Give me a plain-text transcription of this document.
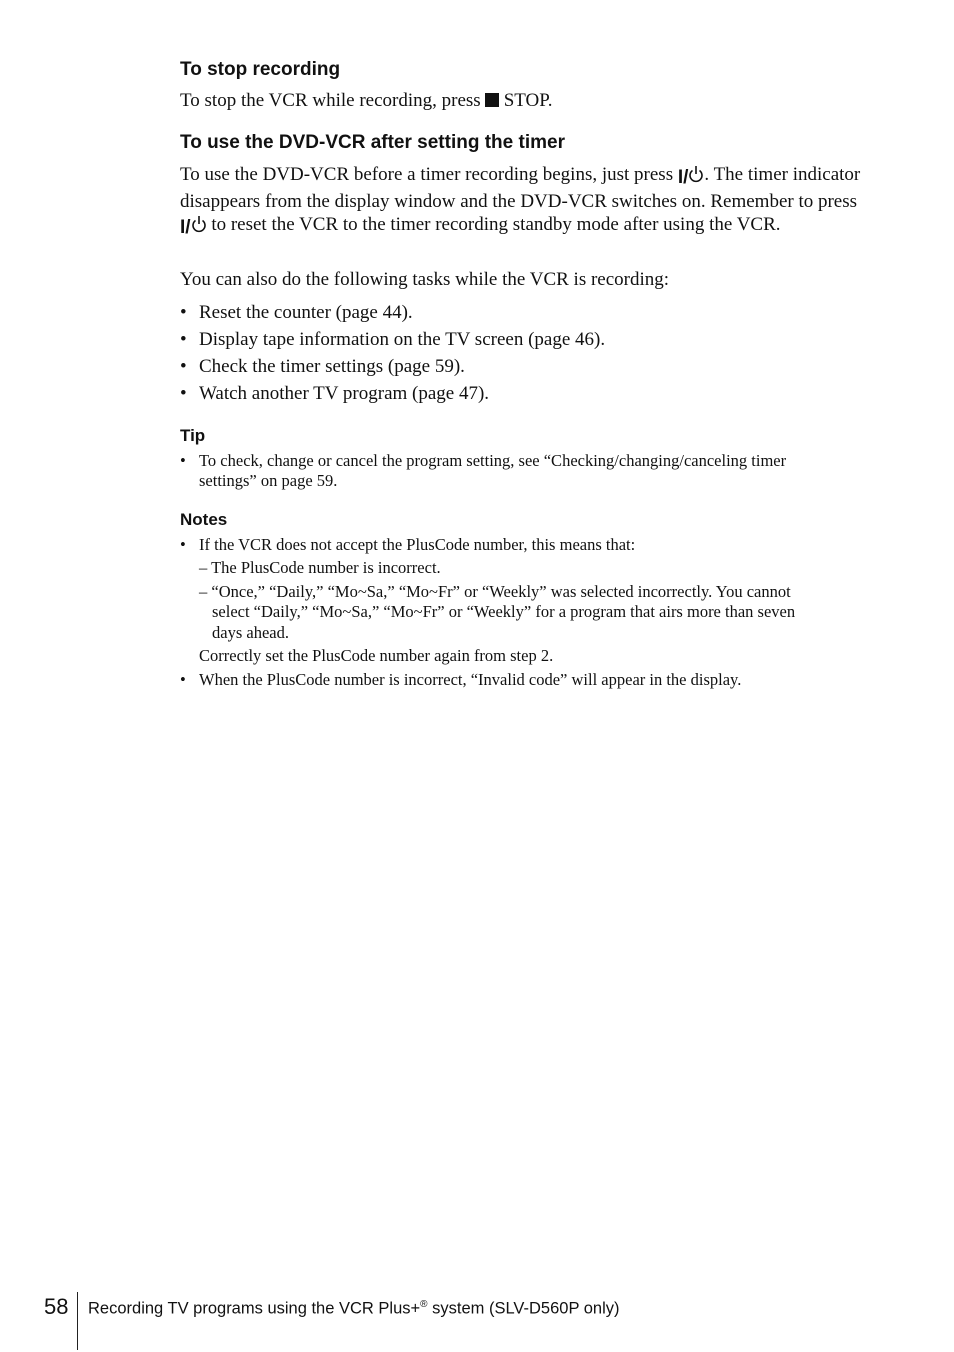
To stop recording
To stop the VCR while recording, press STOP.
To use the DVD-VCR after setting the timer
To use the DVD-VCR before a timer recording begins, just press I/ . The timer indicator disappears from the display window and the DVD-VCR switches on. Remember to press I/ to reset the VCR to the timer recording standby mode after using the VCR.
You can also do the following tasks while the VCR is recording:
• Reset the counter (page 44).
• Display tape information on the TV screen (page 46).
• Check the timer settings (page 59).
• Watch another TV program (page 47).
Tip
• To check, change or cancel the program setting, see “Checking/changing/canceling timer
settings” on page 59.
Notes
• If the VCR does not accept the PlusCode number, this means that:
– The PlusCode number is incorrect.
– “Once,” “Daily,” “Mo~Sa,” “Mo~Fr” or “Weekly” was selected incorrectly. You cannot
select “Daily,” “Mo~Sa,” “Mo~Fr” or “Weekly” for a program that airs more than seven
days ahead.
Correctly set the PlusCode number again from step 2.
• When the PlusCode number is incorrect, “Invalid code” will appear in the display.
58 Recording TV programs using the VCR Plus+® system (SLV-D560P only)
